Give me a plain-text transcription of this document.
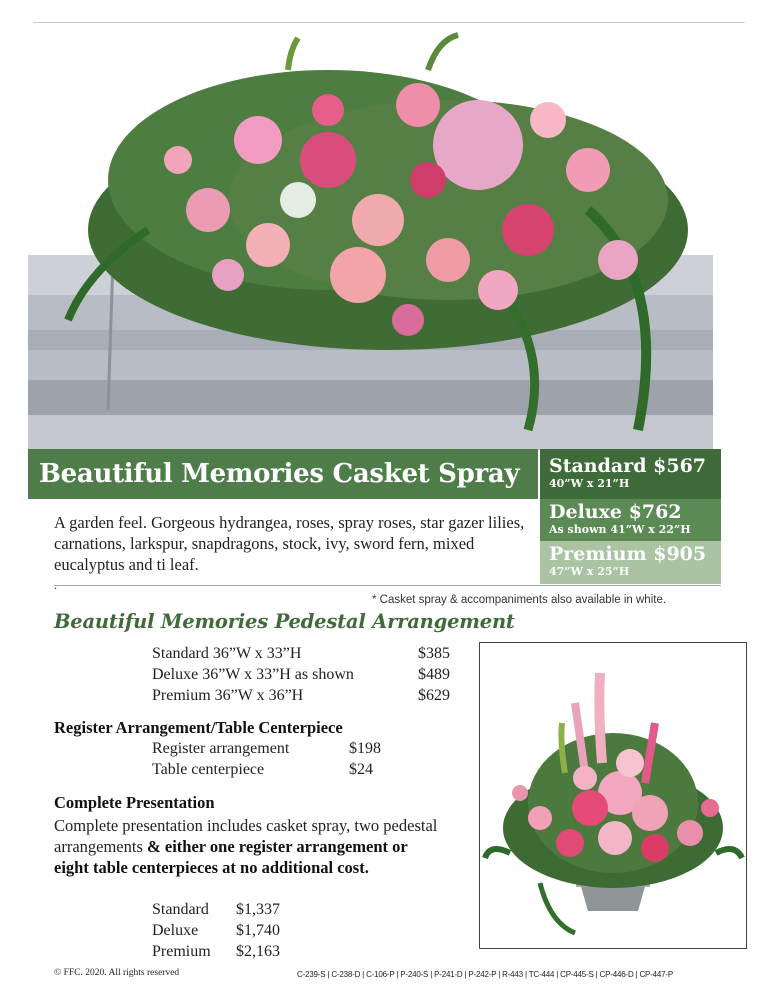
Beautiful Memories Casket Spray	Standard $567
40”W x 21”H
Deluxe $762
As shown 41”W x 22”H
Premium $905
47”W x 25”H
A garden feel. Gorgeous hydrangea, roses, spray roses, star gazer lilies, carnations, larkspur, snapdragons, stock, ivy, sword fern, mixed eucalyptus and ti leaf.
* Casket spray & accompaniments also available in white.
Beautiful Memories Pedestal Arrangement
Standard 36”W x 33”H	$385
Deluxe 36”W x 33”H as shown	$489
Premium 36”W x 36”H	$629
Register Arrangement/Table Centerpiece
Register arrangement	$198
Table centerpiece	$24
Complete Presentation
Complete presentation includes casket spray, two pedestal arrangements & either one register arrangement or eight table centerpieces at no additional cost.
Standard	$1,337
Deluxe	$1,740
Premium	$2,163
© FFC. 2020. All rights reserved	C-239-S | C-238-D | C-106-P | P-240-S | P-241-D | P-242-P | R-443 | TC-444 | CP-445-S | CP-446-D | CP-447-P
